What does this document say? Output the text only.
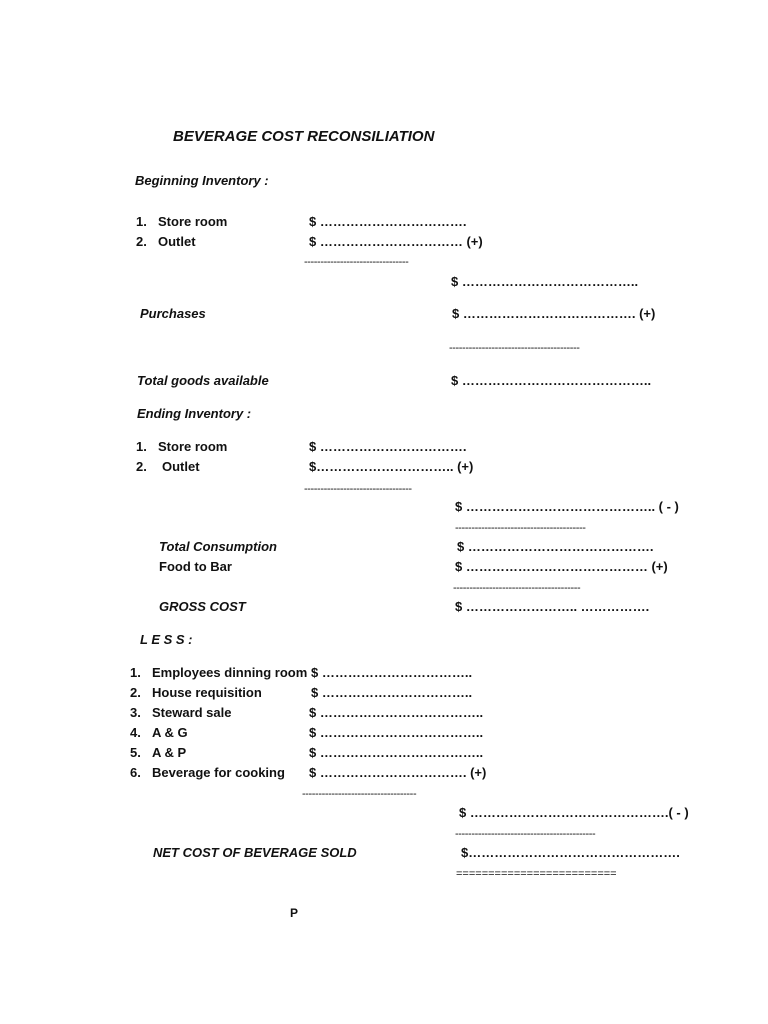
BEVERAGE COST RECONSILIATION
Beginning Inventory :
1. Store room	$ …………………………….
2. Outlet	$ …………………………… (+)
--------------------------------
$ …………………………………..
Purchases	$ …………………………………. (+)
----------------------------------------
Total goods available	$ ……………………………………..
Ending Inventory :
1. Store room	$ …………………………….
2. Outlet	$………………………….. (+)
---------------------------------
$ …………………………………….. ( - )
----------------------------------------
Total Consumption	$ …………………………………….
Food to Bar	$ …………………………………… (+)
---------------------------------------
GROSS COST	$ …………………….. …………….
L E S S :
1. Employees dinning room $ ……………………………..
2. House requisition	$ ……………………………..
3. Steward sale	$ ………………………………..
4. A & G	$ ………………………………..
5. A & P	$ ………………………………..
6. Beverage for cooking $ ……………………………. (+)
-----------------------------------
$ ……………………………………….( - )
-------------------------------------------
NET COST OF BEVERAGE SOLD	$………………………………………….
=========================
P
